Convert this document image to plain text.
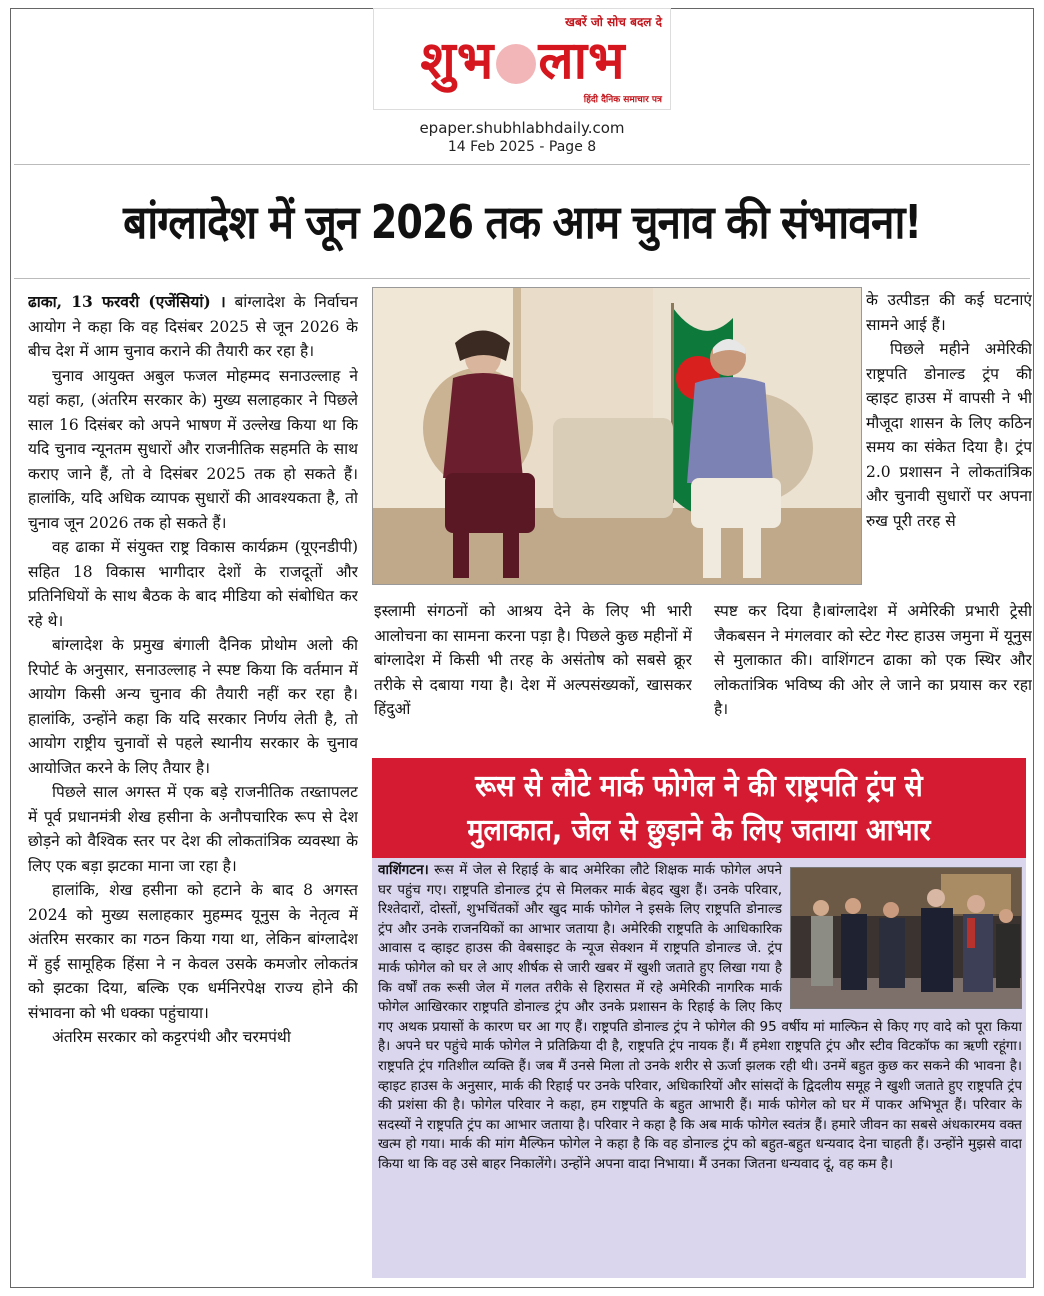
खबरें जो सोच बदल दे
शुभ लाभ
हिंदी दैनिक समाचार पत्र
epaper.shubhlabhdaily.com
14 Feb 2025 - Page 8
बांग्लादेश में जून 2026 तक आम चुनाव की संभावना!

ढाका, 13 फरवरी (एजेंसियां) । बांग्लादेश के निर्वाचन आयोग ने कहा कि वह दिसंबर 2025 से जून 2026 के बीच देश में आम चुनाव कराने की तैयारी कर रहा है।

चुनाव आयुक्त अबुल फजल मोहम्मद सनाउल्लाह ने यहां कहा, (अंतरिम सरकार के) मुख्य सलाहकार ने पिछले साल 16 दिसंबर को अपने भाषण में उल्लेख किया था कि यदि चुनाव न्यूनतम सुधारों और राजनीतिक सहमति के साथ कराए जाने हैं, तो वे दिसंबर 2025 तक हो सकते हैं। हालांकि, यदि अधिक व्यापक सुधारों की आवश्यकता है, तो चुनाव जून 2026 तक हो सकते हैं।

वह ढाका में संयुक्त राष्ट्र विकास कार्यक्रम (यूएनडीपी) सहित 18 विकास भागीदार देशों के राजदूतों और प्रतिनिधियों के साथ बैठक के बाद मीडिया को संबोधित कर रहे थे।

बांग्लादेश के प्रमुख बंगाली दैनिक प्रोथोम अलो की रिपोर्ट के अनुसार, सनाउल्लाह ने स्पष्ट किया कि वर्तमान में आयोग किसी अन्य चुनाव की तैयारी नहीं कर रहा है। हालांकि, उन्होंने कहा कि यदि सरकार निर्णय लेती है, तो आयोग राष्ट्रीय चुनावों से पहले स्थानीय सरकार के चुनाव आयोजित करने के लिए तैयार है।

पिछले साल अगस्त में एक बड़े राजनीतिक तख्तापलट में पूर्व प्रधानमंत्री शेख हसीना के अनौपचारिक रूप से देश छोड़ने को वैश्विक स्तर पर देश की लोकतांत्रिक व्यवस्था के लिए एक बड़ा झटका माना जा रहा है।

हालांकि, शेख हसीना को हटाने के बाद 8 अगस्त 2024 को मुख्य सलाहकार मुहम्मद यूनुस के नेतृत्व में अंतरिम सरकार का गठन किया गया था, लेकिन बांग्लादेश में हुई सामूहिक हिंसा ने न केवल उसके कमजोर लोकतंत्र को झटका दिया, बल्कि एक धर्मनिरपेक्ष राज्य होने की संभावना को भी धक्का पहुंचाया।

अंतरिम सरकार को कट्टरपंथी और चरमपंथी

के उत्पीडऩ की कई घटनाएं सामने आई हैं।

पिछले महीने अमेरिकी राष्ट्रपति डोनाल्ड ट्रंप की व्हाइट हाउस में वापसी ने भी मौजूदा शासन के लिए कठिन समय का संकेत दिया है। ट्रंप 2.0 प्रशासन ने लोकतांत्रिक और चुनावी सुधारों पर अपना रुख पूरी तरह से

इस्लामी संगठनों को आश्रय देने के लिए भी भारी आलोचना का सामना करना पड़ा है। पिछले कुछ महीनों में बांग्लादेश में किसी भी तरह के असंतोष को सबसे क्रूर तरीके से दबाया गया है। देश में अल्पसंख्यकों, खासकर हिंदुओं

स्पष्ट कर दिया है।बांग्लादेश में अमेरिकी प्रभारी ट्रेसी जैकबसन ने मंगलवार को स्टेट गेस्ट हाउस जमुना में यूनुस से मुलाकात की। वाशिंगटन ढाका को एक स्थिर और लोकतांत्रिक भविष्य की ओर ले जाने का प्रयास कर रहा है।

रूस से लौटे मार्क फोगेल ने की राष्ट्रपति ट्रंप से
मुलाकात, जेल से छुड़ाने के लिए जताया आभार
वाशिंगटन। रूस में जेल से रिहाई के बाद अमेरिका लौटे शिक्षक मार्क फोगेल अपने घर पहुंच गए। राष्ट्रपति डोनाल्ड ट्रंप से मिलकर मार्क बेहद खुश हैं। उनके परिवार, रिश्तेदारों, दोस्तों, शुभचिंतकों और खुद मार्क फोगेल ने इसके लिए राष्ट्रपति डोनाल्ड ट्रंप और उनके राजनयिकों का आभार जताया है। अमेरिकी राष्ट्रपति के आधिकारिक आवास द व्हाइट हाउस की वेबसाइट के न्यूज सेक्शन में राष्ट्रपति डोनाल्ड जे. ट्रंप मार्क फोगेल को घर ले आए शीर्षक से जारी खबर में खुशी जताते हुए लिखा गया है कि वर्षों तक रूसी जेल में गलत तरीके से हिरासत में रहे अमेरिकी नागरिक मार्क फोगेल आखिरकार राष्ट्रपति डोनाल्ड ट्रंप और उनके प्रशासन के रिहाई के लिए किए गए अथक प्रयासों के कारण घर आ गए हैं। राष्ट्रपति डोनाल्ड ट्रंप ने फोगेल की 95 वर्षीय मां माल्फिन से किए गए वादे को पूरा किया है। अपने घर पहुंचे मार्क फोगेल ने प्रतिक्रिया दी है, राष्ट्रपति ट्रंप नायक हैं। मैं हमेशा राष्ट्रपति ट्रंप और स्टीव विटकॉफ का ऋणी रहूंगा। राष्ट्रपति ट्रंप गतिशील व्यक्ति हैं। जब मैं उनसे मिला तो उनके शरीर से ऊर्जा झलक रही थी। उनमें बहुत कुछ कर सकने की भावना है। व्हाइट हाउस के अनुसार, मार्क की रिहाई पर उनके परिवार, अधिकारियों और सांसदों के द्विदलीय समूह ने खुशी जताते हुए राष्ट्रपति ट्रंप की प्रशंसा की है। फोगेल परिवार ने कहा, हम राष्ट्रपति के बहुत आभारी हैं। मार्क फोगेल को घर में पाकर अभिभूत हैं। परिवार के सदस्यों ने राष्ट्रपति ट्रंप का आभार जताया है। परिवार ने कहा है कि अब मार्क फोगेल स्वतंत्र हैं। हमारे जीवन का सबसे अंधकारमय वक्त खत्म हो गया। मार्क की मांग मैल्फिन फोगेल ने कहा है कि वह डोनाल्ड ट्रंप को बहुत-बहुत धन्यवाद देना चाहती हैं। उन्होंने मुझसे वादा किया था कि वह उसे बाहर निकालेंगे। उन्होंने अपना वादा निभाया। मैं उनका जितना धन्यवाद दूं, वह कम है।
